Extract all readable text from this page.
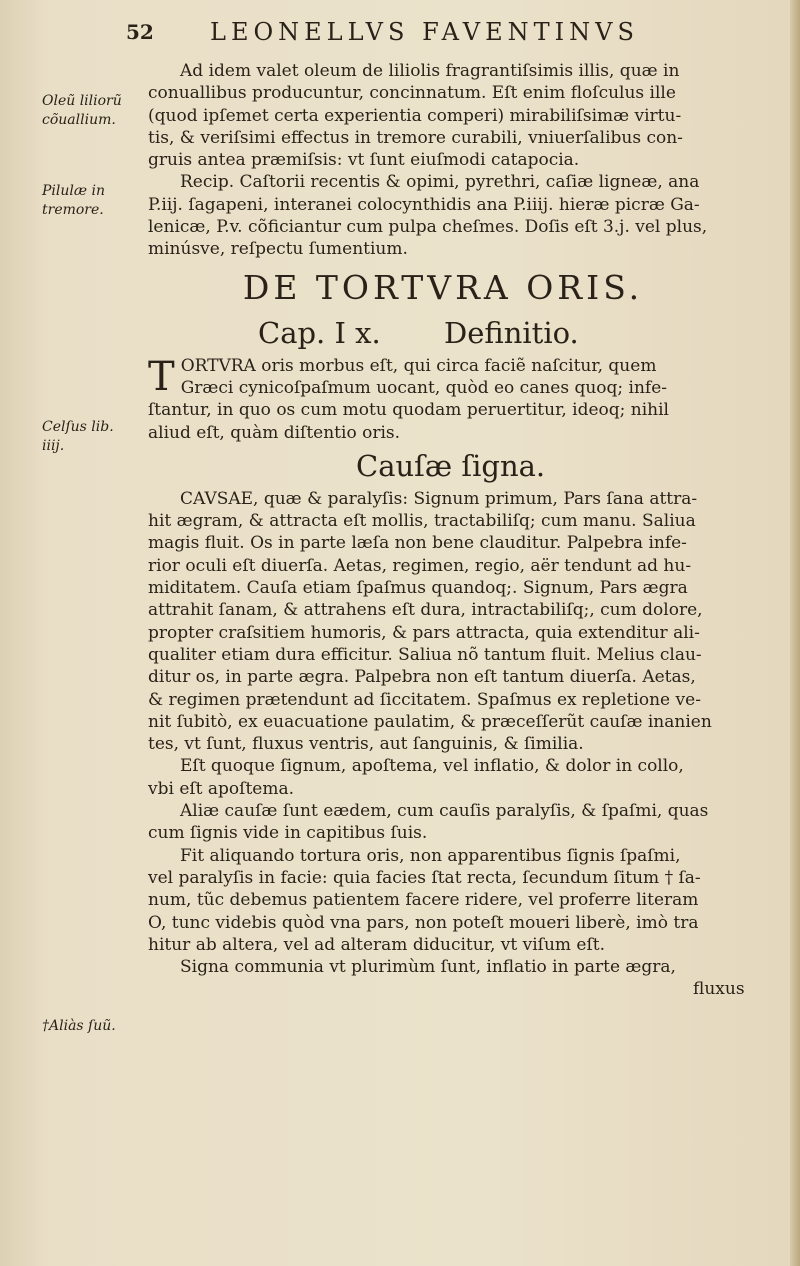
52 LEONELLVS FAVENTINVS
Oleũ liliorũ
cõuallium.
Pilulæ in
tremore.
Celſus lib.
iiij.
†Aliàs ſuũ.
Ad idem valet oleum de liliolis fragrantiſsimis illis, quæ in
conuallibus producuntur, concinnatum. Eſt enim floſculus ille
(quod ipſemet certa experientia comperi) mirabiliſsimæ virtu-
tis, & veriſsimi effectus in tremore curabili, vniuerſalibus con-
gruis antea præmiſsis: vt ſunt eiuſmodi catapocia.
Recip. Caſtorii recentis & opimi, pyrethri, caſiæ ligneæ, ana
P.iij. ſagapeni, interanei colocynthidis ana P.iiij. hieræ picræ Ga-
lenicæ, P.v. cõficiantur cum pulpa cheſmes. Doſis eſt 3.j. vel plus,
minúsve, reſpectu ſumentium.
DE TORTVRA ORIS.
Cap. I x. Definitio.
T ORTVRA oris morbus eſt, qui circa faciẽ naſcitur, quem
Græci cynicoſpaſmum uocant, quòd eo canes quoq; infe-
ſtantur, in quo os cum motu quodam peruertitur, ideoq; nihil
aliud eſt, quàm diſtentio oris.
Cauſæ ſigna.
CAVSAE, quæ & paralyſis: Signum primum, Pars ſana attra-
hit ægram, & attracta eſt mollis, tractabiliſq; cum manu. Saliua
magis fluit. Os in parte læſa non bene clauditur. Palpebra infe-
rior oculi eſt diuerſa. Aetas, regimen, regio, aër tendunt ad hu-
miditatem. Cauſa etiam ſpaſmus quandoq;. Signum, Pars ægra
attrahit ſanam, & attrahens eſt dura, intractabiliſq;, cum dolore,
propter craſsitiem humoris, & pars attracta, quia extenditur ali-
qualiter etiam dura efficitur. Saliua nõ tantum fluit. Melius clau-
ditur os, in parte ægra. Palpebra non eſt tantum diuerſa. Aetas,
& regimen prætendunt ad ſiccitatem. Spaſmus ex repletione ve-
nit ſubitò, ex euacuatione paulatim, & præceſſerũt cauſæ inanien
tes, vt ſunt, fluxus ventris, aut ſanguinis, & ſimilia.
Eſt quoque ſignum, apoſtema, vel inflatio, & dolor in collo,
vbi eſt apoſtema.
Aliæ cauſæ ſunt eædem, cum cauſis paralyſis, & ſpaſmi, quas
cum ſignis vide in capitibus ſuis.
Fit aliquando tortura oris, non apparentibus ſignis ſpaſmi,
vel paralyſis in facie: quia facies ſtat recta, ſecundum ſitum † ſa-
num, tũc debemus patientem facere ridere, vel proferre literam
O, tunc videbis quòd vna pars, non poteſt moueri liberè, imò tra
hitur ab altera, vel ad alteram diducitur, vt viſum eſt.
Signa communia vt plurimùm ſunt, inflatio in parte ægra,
fluxus
